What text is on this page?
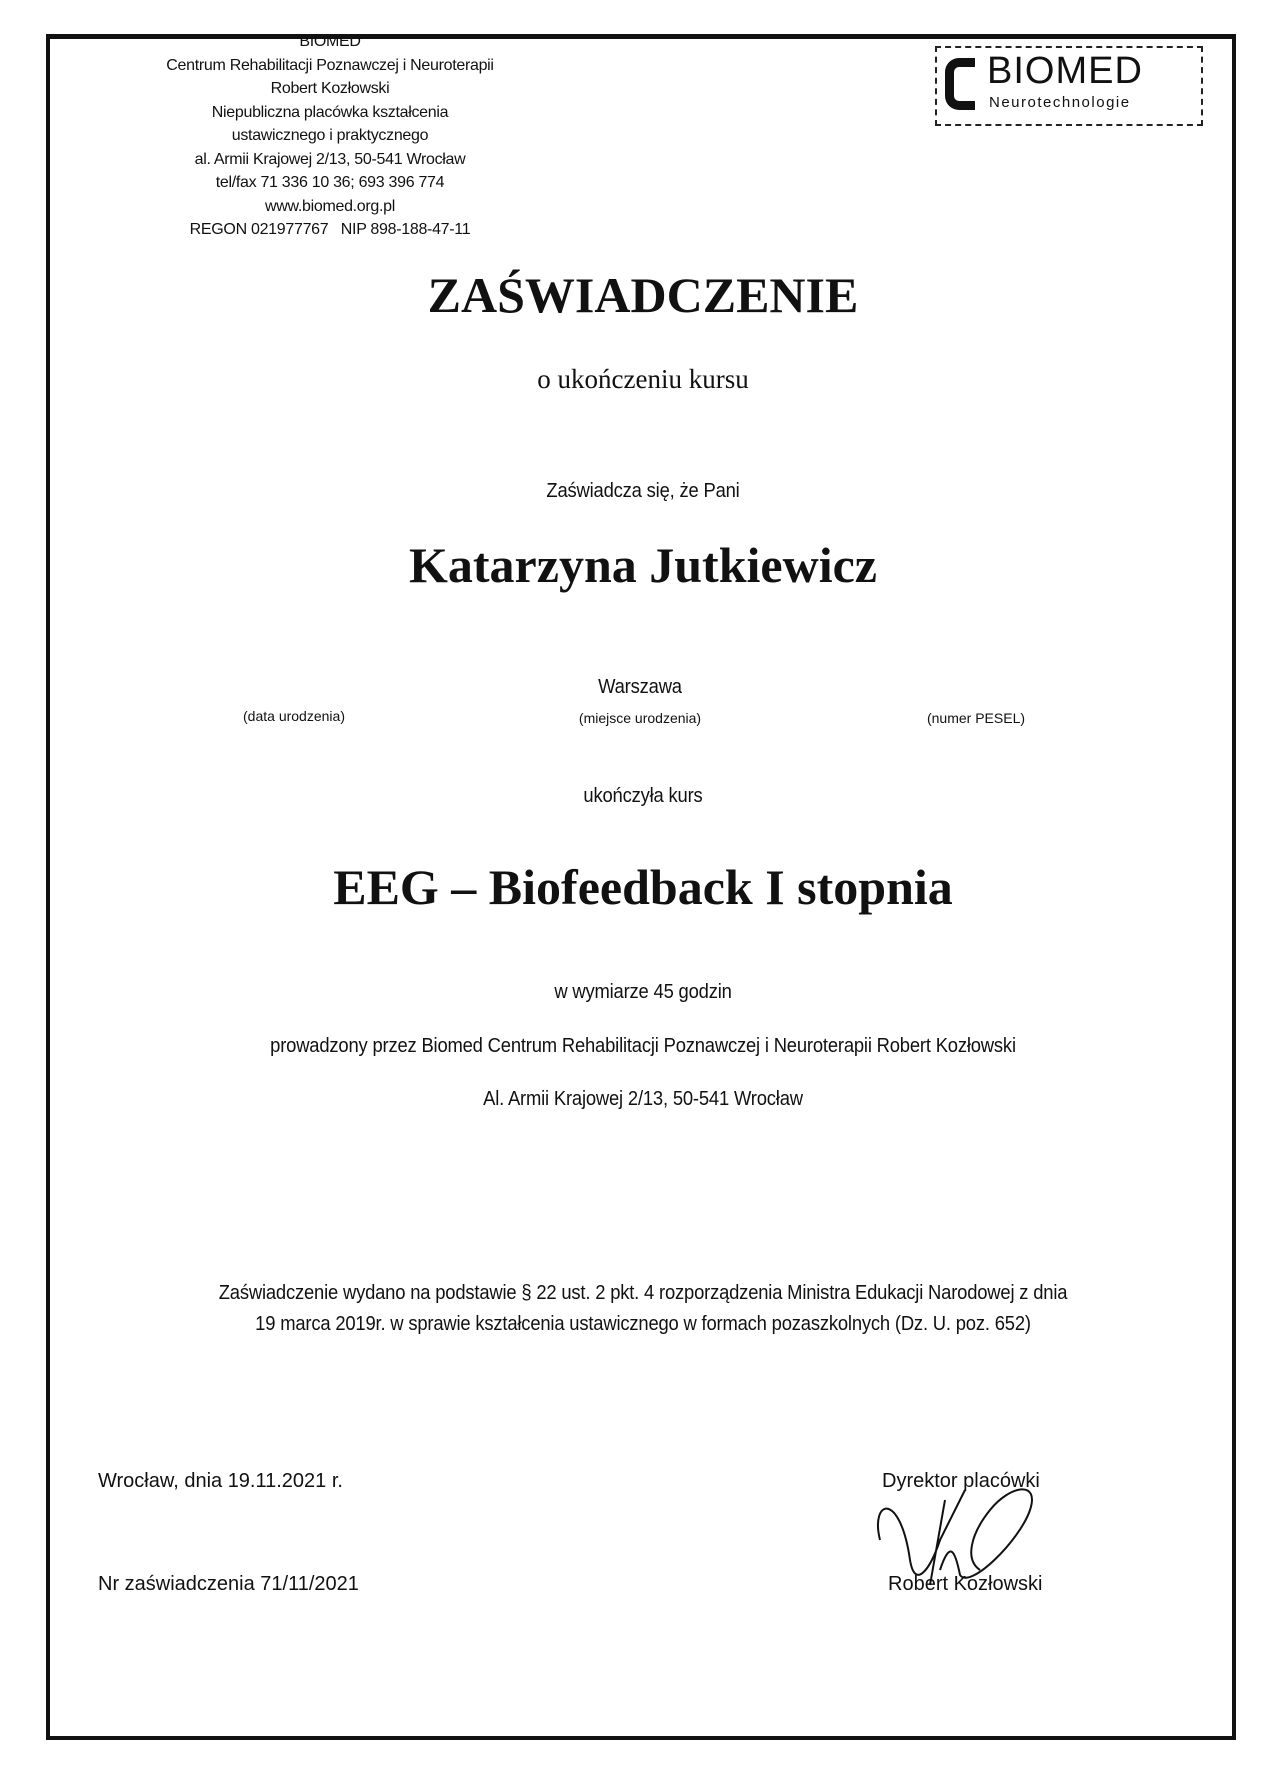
BIOMED
Centrum Rehabilitacji Poznawczej i Neuroterapii
Robert Kozłowski
Niepubliczna placówka kształcenia
ustawicznego i praktycznego
al. Armii Krajowej 2/13, 50-541 Wrocław
tel/fax 71 336 10 36; 693 396 774
www.biomed.org.pl
REGON 021977767   NIP 898-188-47-11
BIOMED
Neurotechnologie
ZAŚWIADCZENIE
o ukończeniu kursu
Zaświadcza się, że Pani
Katarzyna Jutkiewicz
Warszawa
(data urodzenia)	(miejsce urodzenia)	(numer PESEL)
ukończyła kurs
EEG – Biofeedback I stopnia
w wymiarze 45 godzin
prowadzony przez Biomed Centrum Rehabilitacji Poznawczej i Neuroterapii Robert Kozłowski
Al. Armii Krajowej 2/13, 50-541 Wrocław
Zaświadczenie wydano na podstawie § 22 ust. 2 pkt. 4 rozporządzenia Ministra Edukacji Narodowej z dnia
19 marca 2019r. w sprawie kształcenia ustawicznego w formach pozaszkolnych (Dz. U. poz. 652)
Wrocław, dnia 19.11.2021 r.
Nr zaświadczenia 71/11/2021
Dyrektor placówki
Robert Kozłowski
